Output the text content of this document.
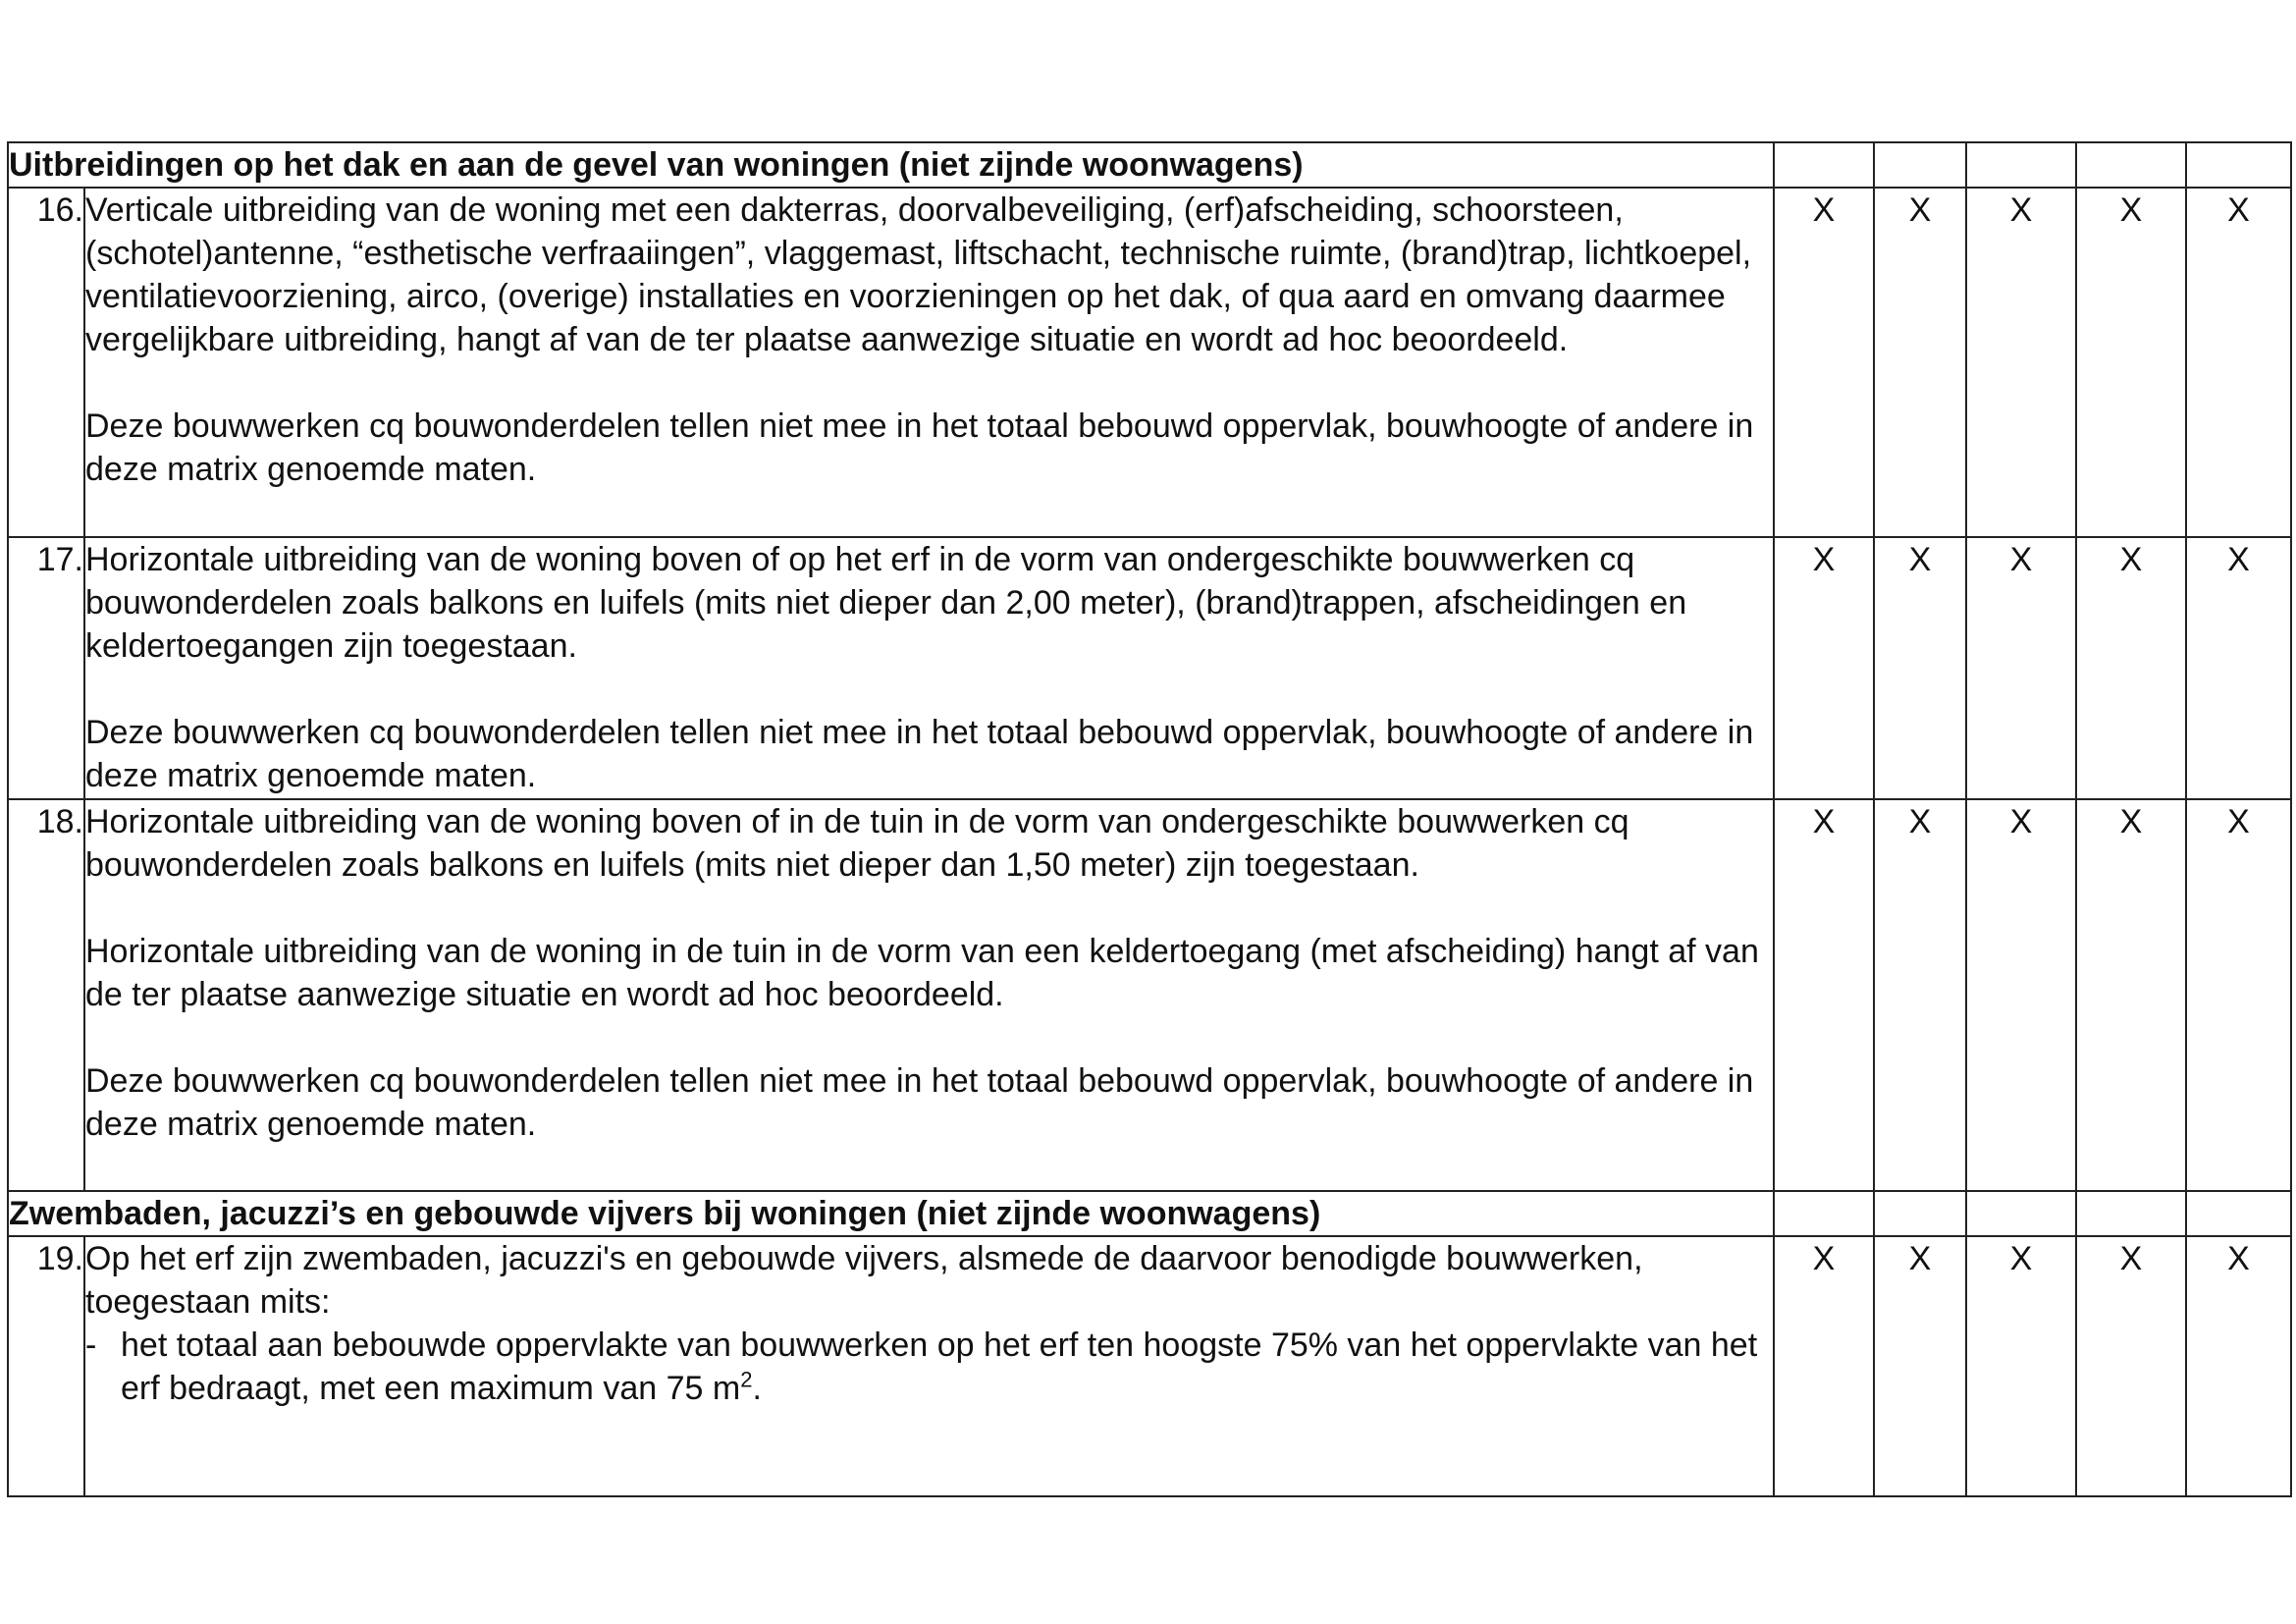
Uitbreidingen op het dak en aan de gevel van woningen (niet zijnde woonwagens)						
16.	Verticale uitbreiding van de woning met een dakterras, doorvalbeveiliging, (erf)afscheiding, schoorsteen, (schotel)antenne, “esthetische verfraaiingen”, vlaggemast, liftschacht, technische ruimte, (brand)trap, lichtkoepel, ventilatievoorziening, airco, (overige) installaties en voorzieningen op het dak, of qua aard en omvang daarmee vergelijkbare uitbreiding, hangt af van de ter plaatse aanwezige situatie en wordt ad hoc beoordeeld.

Deze bouwwerken cq bouwonderdelen tellen niet mee in het totaal bebouwd oppervlak, bouwhoogte of andere in deze matrix genoemde maten.	X	X	X	X	X
17.	Horizontale uitbreiding van de woning boven of op het erf in de vorm van ondergeschikte bouwwerken cq bouwonderdelen zoals balkons en luifels (mits niet dieper dan 2,00 meter), (brand)trappen, afscheidingen en keldertoegangen zijn toegestaan.

Deze bouwwerken cq bouwonderdelen tellen niet mee in het totaal bebouwd oppervlak, bouwhoogte of andere in deze matrix genoemde maten.	X	X	X	X	X
18.	Horizontale uitbreiding van de woning boven of in de tuin in de vorm van ondergeschikte bouwwerken cq bouwonderdelen zoals balkons en luifels (mits niet dieper dan 1,50 meter) zijn toegestaan.

Horizontale uitbreiding van de woning in de tuin in de vorm van een keldertoegang (met afscheiding) hangt af van de ter plaatse aanwezige situatie en wordt ad hoc beoordeeld.

Deze bouwwerken cq bouwonderdelen tellen niet mee in het totaal bebouwd oppervlak, bouwhoogte of andere in deze matrix genoemde maten.	X	X	X	X	X
Zwembaden, jacuzzi’s en gebouwde vijvers bij woningen (niet zijnde woonwagens)						
19.	Op het erf zijn zwembaden, jacuzzi's en gebouwde vijvers, alsmede de daarvoor benodigde bouwwerken, toegestaan mits:

- het totaal aan bebouwde oppervlakte van bouwwerken op het erf ten hoogste 75% van het oppervlakte van het erf bedraagt, met een maximum van 75 $m^2$.	X	X	X	X	X
